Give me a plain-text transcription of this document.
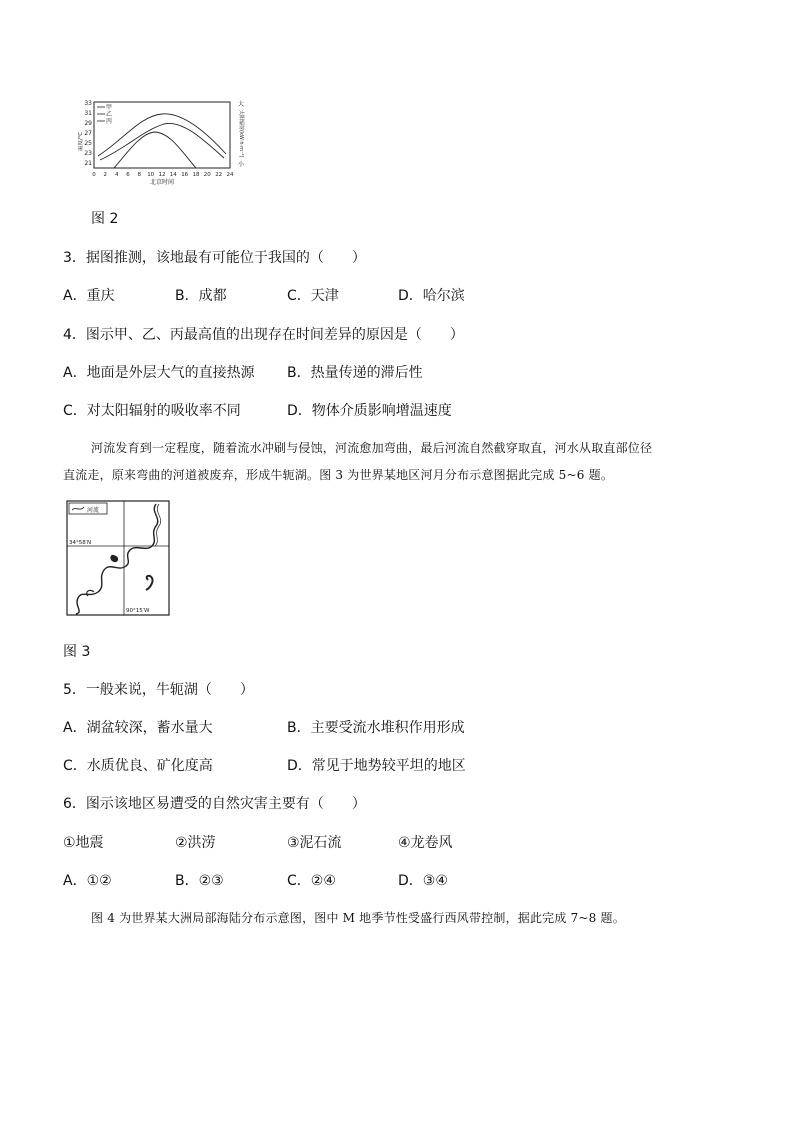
33
31
29
27
25
23
21
温度/℃
0 2 4 6 8 10 12 14 16 18 20 22 24
北京时间
大
小
太阳辐射(kW·h·m⁻²)
甲
乙
丙
图 2
3．据图推测，该地最有可能位于我国的（　　）
A．重庆	B．成都	C．天津	D．哈尔滨
4．图示甲、乙、丙最高值的出现存在时间差异的原因是（　　）
A．地面是外层大气的直接热源 B．热量传递的滞后性
C．对太阳辐射的吸收率不同	D．物体介质影响增温速度
河流发育到一定程度，随着流水冲刷与侵蚀，河流愈加弯曲，最后河流自然截穿取直，河水从取直部位径
直流走，原来弯曲的河道被废弃，形成牛轭湖。图 3 为世界某地区河月分布示意图据此完成 5~6 题。
河流
34°58′N
90°15′W
图 3
5．一般来说，牛轭湖（　　）
A．湖盆较深，蓄水量大	B．主要受流水堆积作用形成
C．水质优良、矿化度高	D．常见于地势较平坦的地区
6．图示该地区易遭受的自然灾害主要有（　　）
①地震	②洪涝	③泥石流	④龙卷风
A．①②	B．②③	C．②④	D．③④
图 4 为世界某大洲局部海陆分布示意图，图中 M 地季节性受盛行西风带控制，据此完成 7~8 题。
